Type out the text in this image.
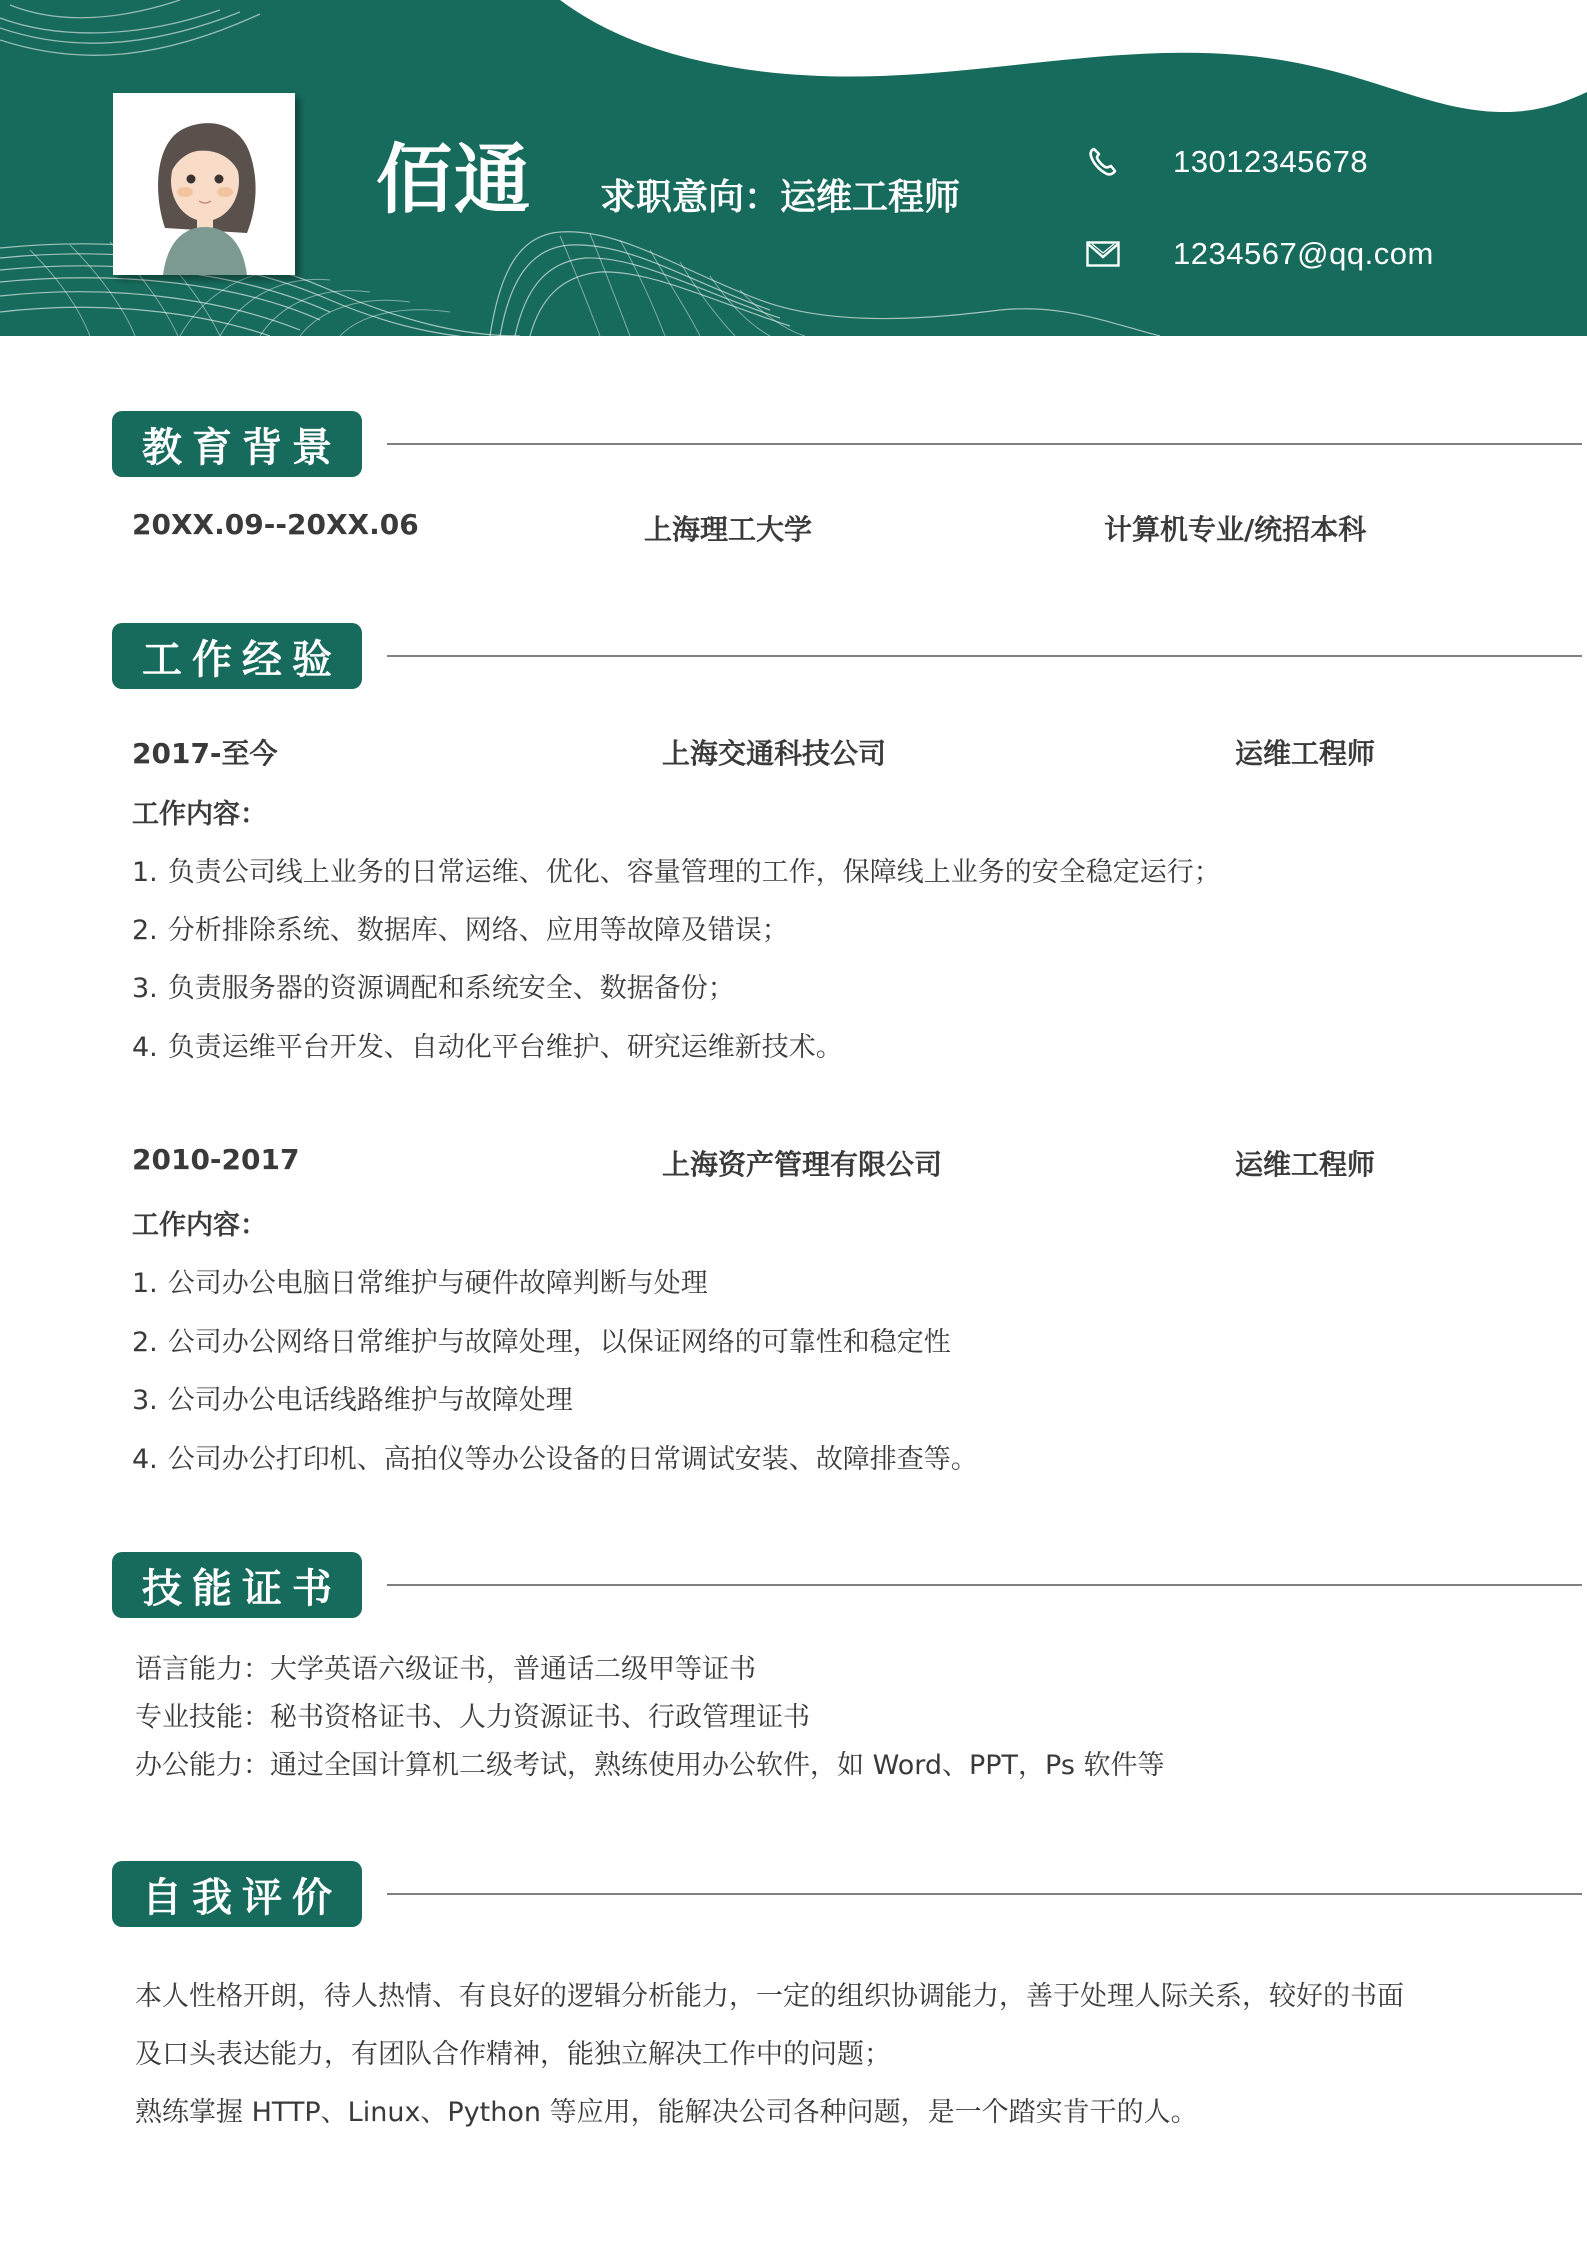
佰通 求职意向：运维工程师
13012345678
1234567@qq.com
教育背景
20XX.09--20XX.06	上海理工大学	计算机专业/统招本科
工作经验
2017-至今	上海交通科技公司	运维工程师
工作内容：
1. 负责公司线上业务的日常运维、优化、容量管理的工作，保障线上业务的安全稳定运行；
2. 分析排除系统、数据库、网络、应用等故障及错误；
3. 负责服务器的资源调配和系统安全、数据备份；
4. 负责运维平台开发、自动化平台维护、研究运维新技术。
2010-2017	上海资产管理有限公司	运维工程师
工作内容：
1. 公司办公电脑日常维护与硬件故障判断与处理
2. 公司办公网络日常维护与故障处理，以保证网络的可靠性和稳定性
3. 公司办公电话线路维护与故障处理
4. 公司办公打印机、高拍仪等办公设备的日常调试安装、故障排查等。
技能证书
语言能力：大学英语六级证书，普通话二级甲等证书
专业技能：秘书资格证书、人力资源证书、行政管理证书
办公能力：通过全国计算机二级考试，熟练使用办公软件，如 Word、PPT，Ps 软件等
自我评价
本人性格开朗，待人热情、有良好的逻辑分析能力，一定的组织协调能力，善于处理人际关系，较好的书面
及口头表达能力，有团队合作精神，能独立解决工作中的问题；
熟练掌握 HTTP、Linux、Python 等应用，能解决公司各种问题，是一个踏实肯干的人。
